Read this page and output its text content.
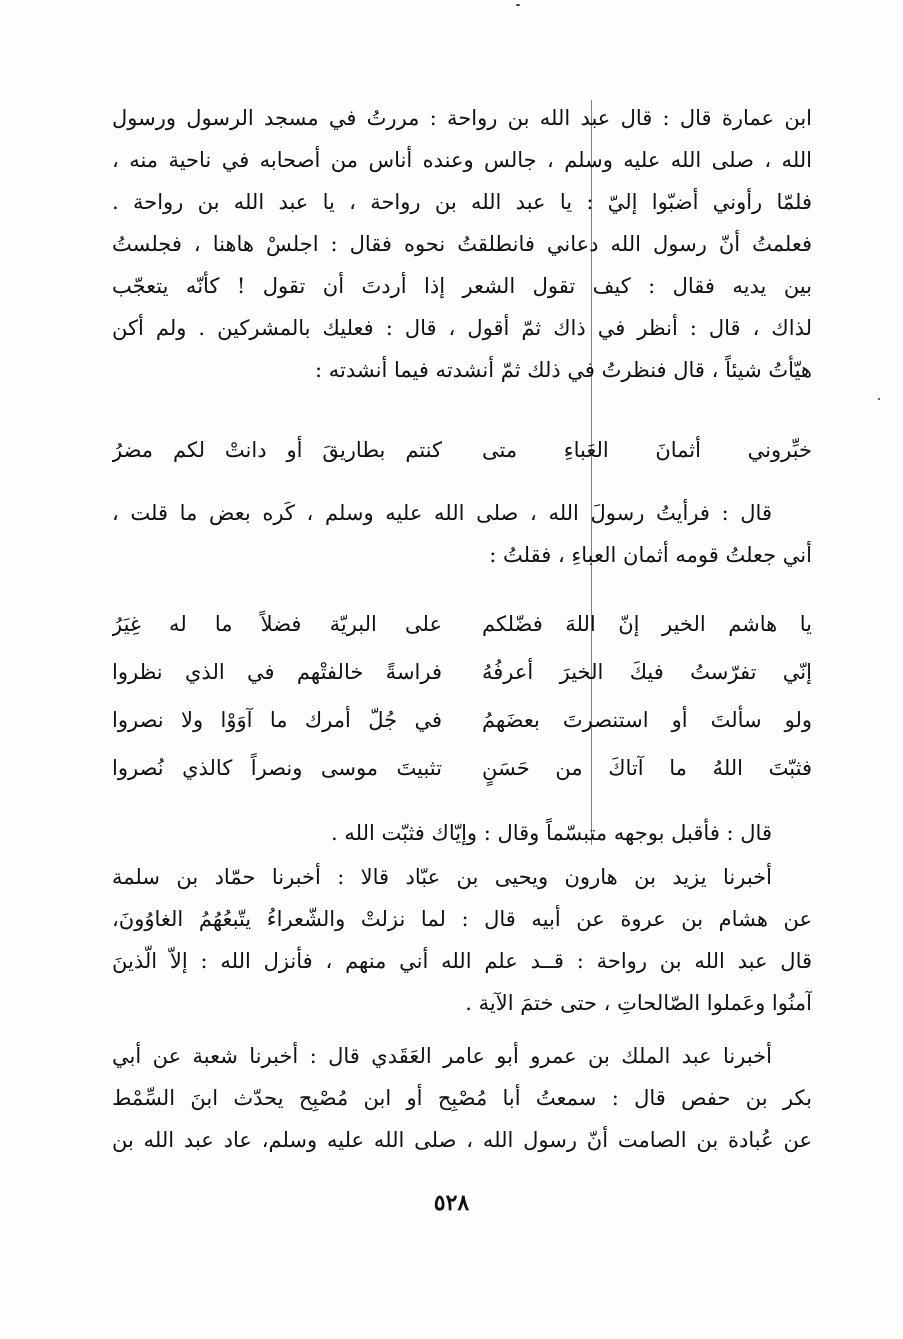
ابن عمارة قال : قال عبد الله بن رواحة : مررتُ في مسجد الرسول ورسول
الله ، صلى الله عليه وسلم ، جالس وعنده أناس من أصحابه في ناحية منه ،
فلمّا رأوني أضبّوا إليّ : يا عبد الله بن رواحة ، يا عبد الله بن رواحة .
فعلمتُ أنّ رسول الله دعاني فانطلقتُ نحوه فقال : اجلسْ هاهنا ، فجلستُ
بين يديه فقال : كيف تقول الشعر إذا أردتَ أن تقول ! كأنّه يتعجّب
لذاك ، قال : أنظر في ذاك ثمّ أقول ، قال : فعليك بالمشركين . ولم أكن
هيّأتُ شيئاً ، قال فنظرتُ في ذلك ثمّ أنشدته فيما أنشدته :
خبِّروني أثمانَ العَباءِ متى
كنتم بطاريقَ أو دانتْ لكم مضرُ
قال : فرأيتُ رسولَ الله ، صلى الله عليه وسلم ، كَره بعض ما قلت ،
أني جعلتُ قومه أثمان العباءِ ، فقلتُ :
يا هاشم الخير إنّ اللهَ فضّلكم
على البريّة فضلاً ما له غِيَرُ
إنّي تفرّستُ فيكَ الخيرَ أعرفُهُ
فراسةً خالفتْهم في الذي نظروا
ولو سألتَ أو استنصرتَ بعضَهمُ
في جُلّ أمرك ما آوَوْا ولا نصروا
فثبّتَ اللهُ ما آتاكَ من حَسَنٍ
تثبيتَ موسى ونصراً كالذي نُصروا
قال : فأقبل بوجهه متبسّماً وقال : وإيّاك فثبّت الله .
أخبرنا يزيد بن هارون ويحيى بن عبّاد قالا : أخبرنا حمّاد بن سلمة
عن هشام بن عروة عن أبيه قال : لما نزلتْ والشّعراءُ يتّبعُهُمُ الغاوُونَ،
قال عبد الله بن رواحة : قــد علم الله أني منهم ، فأنزل الله : إلاّ الّذينَ
آمنُوا وعَملوا الصّالحاتِ ، حتى ختمَ الآية .
أخبرنا عبد الملك بن عمرو أبو عامر العَقَدي قال : أخبرنا شعبة عن أبي
بكر بن حفص قال : سمعتُ أبا مُصْبِح أو ابن مُصْبِح يحدّث ابنَ السِّمْط
عن عُبادة بن الصامت أنّ رسول الله ، صلى الله عليه وسلم، عاد عبد الله بن
٥٢٨
